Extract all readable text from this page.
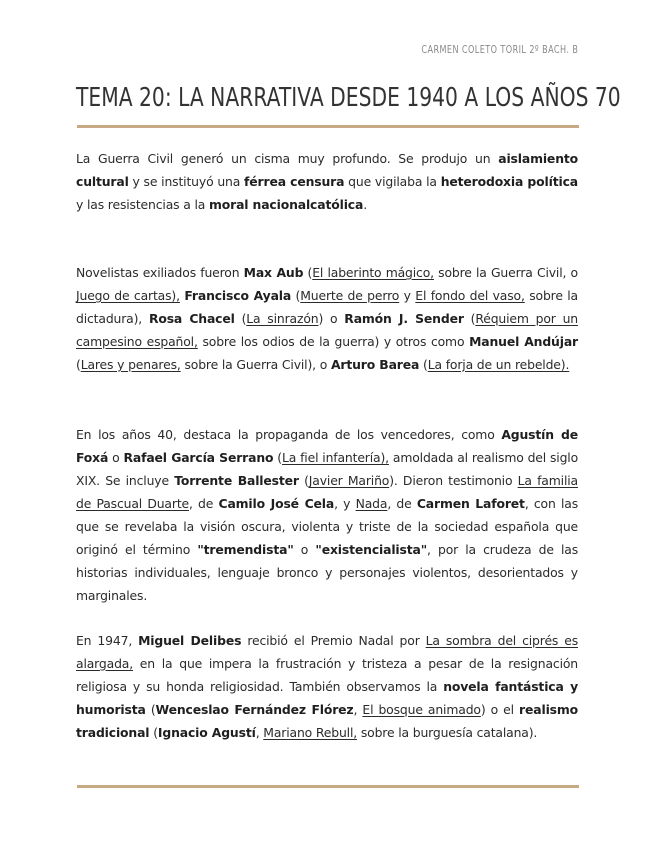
CARMEN COLETO TORIL 2º BACH. B
TEMA 20: LA NARRATIVA DESDE 1940 A LOS AÑOS 70

La Guerra Civil generó un cisma muy profundo. Se produjo un aislamiento cultural y se instituyó una férrea censura que vigilaba la heterodoxia política y las resistencias a la moral nacionalcatólica.

Novelistas exiliados fueron Max Aub (El laberinto mágico, sobre la Guerra Civil, o Juego de cartas), Francisco Ayala (Muerte de perro y El fondo del vaso, sobre la dictadura), Rosa Chacel (La sinrazón) o Ramón J. Sender (Réquiem por un campesino español, sobre los odios de la guerra) y otros como Manuel Andújar (Lares y penares, sobre la Guerra Civil), o Arturo Barea (La forja de un rebelde).

En los años 40, destaca la propaganda de los vencedores, como Agustín de Foxá o Rafael García Serrano (La fiel infantería), amoldada al realismo del siglo XIX. Se incluye Torrente Ballester (Javier Mariño). Dieron testimonio La familia de Pascual Duarte, de Camilo José Cela, y Nada, de Carmen Laforet, con las que se revelaba la visión oscura, violenta y triste de la sociedad española que originó el término "tremendista" o "existencialista", por la crudeza de las historias individuales, lenguaje bronco y personajes violentos, desorientados y marginales.

En 1947, Miguel Delibes recibió el Premio Nadal por La sombra del ciprés es alargada, en la que impera la frustración y tristeza a pesar de la resignación religiosa y su honda religiosidad. También observamos la novela fantástica y humorista (Wenceslao Fernández Flórez, El bosque animado) o el realismo tradicional (Ignacio Agustí, Mariano Rebull, sobre la burguesía catalana).
